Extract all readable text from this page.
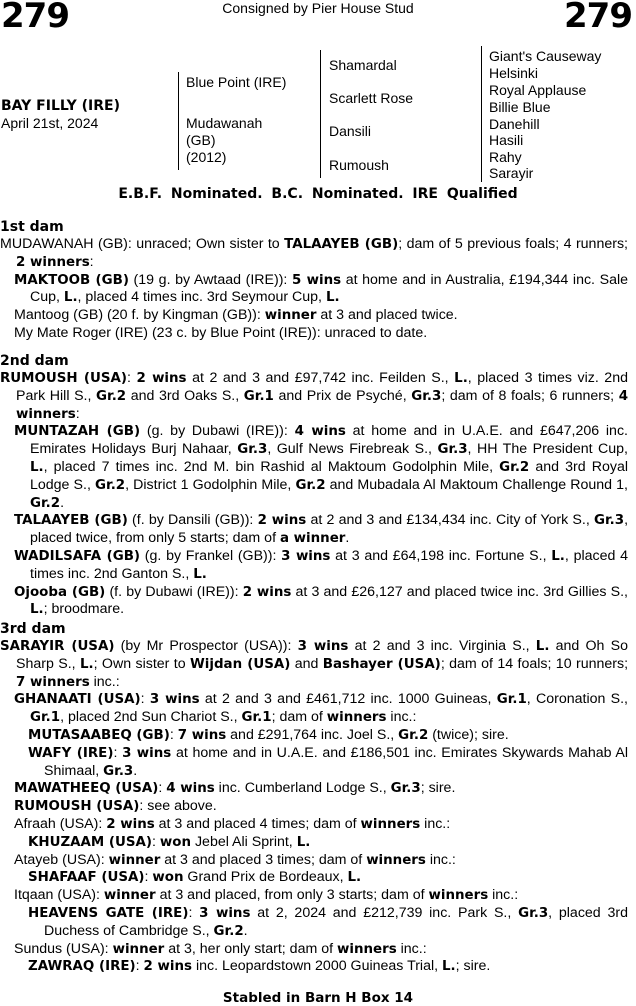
279	Consigned by Pier House Stud	279
BAY FILLY (IRE)
April 21st, 2024
Blue Point (IRE)
Mudawanah
(GB)
(2012)
Shamardal
Scarlett Rose
Dansili
Rumoush
Giant's Causeway
Helsinki
Royal Applause
Billie Blue
Danehill
Hasili
Rahy
Sarayir
E.B.F. Nominated. B.C. Nominated. IRE Qualified
1st dam
MUDAWANAH (GB): unraced; Own sister to TALAAYEB (GB); dam of 5 previous foals; 4 runners; 2 winners:
MAKTOOB (GB) (19 g. by Awtaad (IRE)): 5 wins at home and in Australia, £194,344 inc. Sale Cup, L., placed 4 times inc. 3rd Seymour Cup, L.
Mantoog (GB) (20 f. by Kingman (GB)): winner at 3 and placed twice.
My Mate Roger (IRE) (23 c. by Blue Point (IRE)): unraced to date.
2nd dam
RUMOUSH (USA): 2 wins at 2 and 3 and £97,742 inc. Feilden S., L., placed 3 times viz. 2nd Park Hill S., Gr.2 and 3rd Oaks S., Gr.1 and Prix de Psyché, Gr.3; dam of 8 foals; 6 runners; 4 winners:
MUNTAZAH (GB) (g. by Dubawi (IRE)): 4 wins at home and in U.A.E. and £647,206 inc. Emirates Holidays Burj Nahaar, Gr.3, Gulf News Firebreak S., Gr.3, HH The President Cup, L., placed 7 times inc. 2nd M. bin Rashid al Maktoum Godolphin Mile, Gr.2 and 3rd Royal Lodge S., Gr.2, District 1 Godolphin Mile, Gr.2 and Mubadala Al Maktoum Challenge Round 1, Gr.2.
TALAAYEB (GB) (f. by Dansili (GB)): 2 wins at 2 and 3 and £134,434 inc. City of York S., Gr.3, placed twice, from only 5 starts; dam of a winner.
WADILSAFA (GB) (g. by Frankel (GB)): 3 wins at 3 and £64,198 inc. Fortune S., L., placed 4 times inc. 2nd Ganton S., L.
Ojooba (GB) (f. by Dubawi (IRE)): 2 wins at 3 and £26,127 and placed twice inc. 3rd Gillies S., L.; broodmare.
3rd dam
SARAYIR (USA) (by Mr Prospector (USA)): 3 wins at 2 and 3 inc. Virginia S., L. and Oh So Sharp S., L.; Own sister to Wijdan (USA) and Bashayer (USA); dam of 14 foals; 10 runners; 7 winners inc.:
GHANAATI (USA): 3 wins at 2 and 3 and £461,712 inc. 1000 Guineas, Gr.1, Coronation S., Gr.1, placed 2nd Sun Chariot S., Gr.1; dam of winners inc.:
MUTASAABEQ (GB): 7 wins and £291,764 inc. Joel S., Gr.2 (twice); sire.
WAFY (IRE): 3 wins at home and in U.A.E. and £186,501 inc. Emirates Skywards Mahab Al Shimaal, Gr.3.
MAWATHEEQ (USA): 4 wins inc. Cumberland Lodge S., Gr.3; sire.
RUMOUSH (USA): see above.
Afraah (USA): 2 wins at 3 and placed 4 times; dam of winners inc.:
KHUZAAM (USA): won Jebel Ali Sprint, L.
Atayeb (USA): winner at 3 and placed 3 times; dam of winners inc.:
SHAFAAF (USA): won Grand Prix de Bordeaux, L.
Itqaan (USA): winner at 3 and placed, from only 3 starts; dam of winners inc.:
HEAVENS GATE (IRE): 3 wins at 2, 2024 and £212,739 inc. Park S., Gr.3, placed 3rd Duchess of Cambridge S., Gr.2.
Sundus (USA): winner at 3, her only start; dam of winners inc.:
ZAWRAQ (IRE): 2 wins inc. Leopardstown 2000 Guineas Trial, L.; sire.
Stabled in Barn H Box 14
